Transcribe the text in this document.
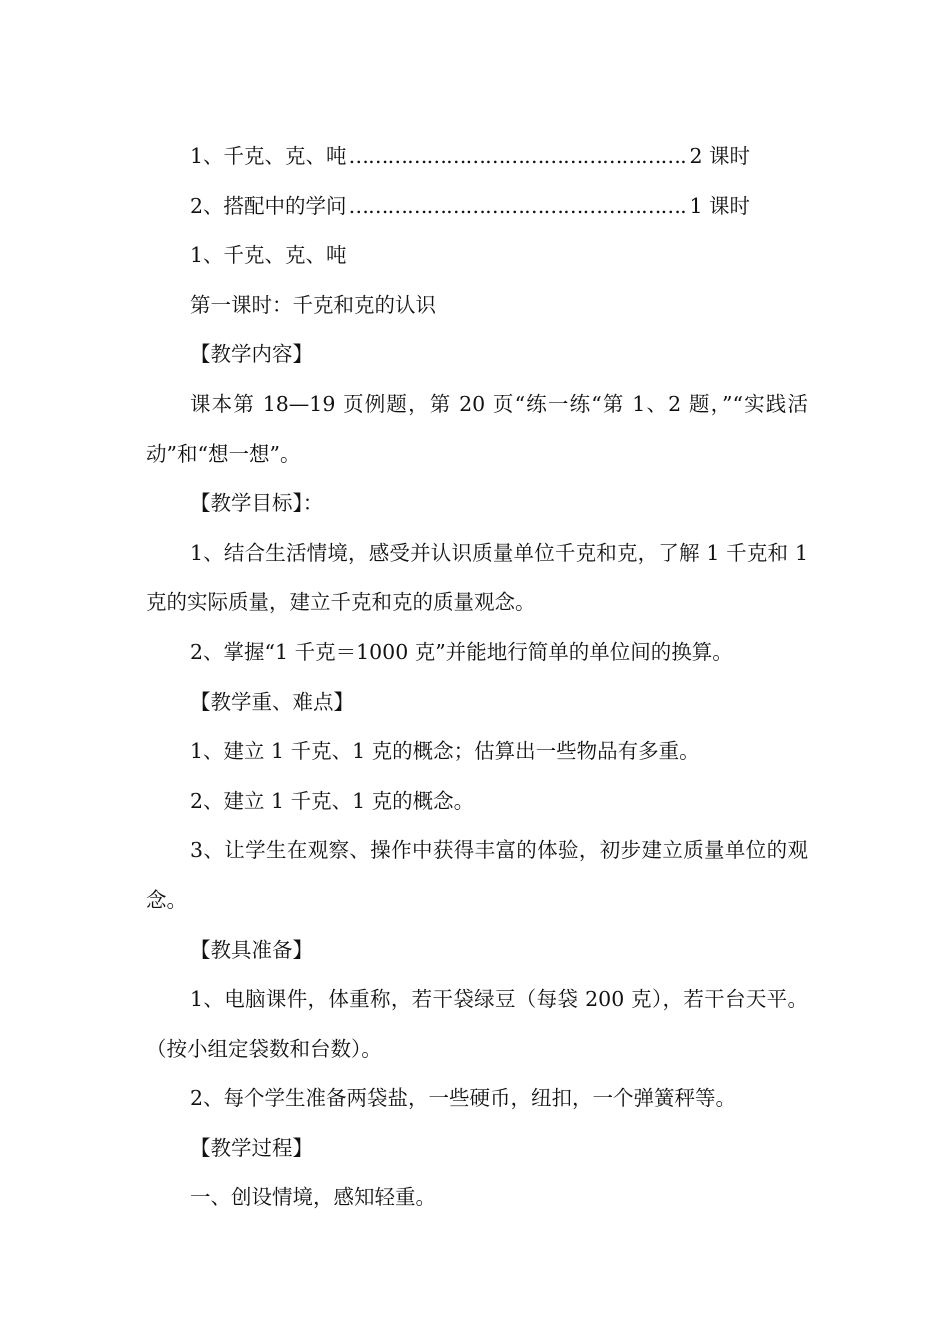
1、千克、克、吨 ……………………………………………………………………………………………………	2 课时
2、搭配中的学问 ……………………………………………………………………………………………………	1 课时

1、千克、克、吨

第一课时：千克和克的认识

【教学内容】

课本第 18—19 页例题，第 20 页“练一练“第 1、2 题，”“实践活动”和“想一想”。

【教学目标】：

1、结合生活情境，感受并认识质量单位千克和克，了解 1 千克和 1 克的实际质量，建立千克和克的质量观念。

2、掌握“1 千克＝1000 克”并能地行简单的单位间的换算。

【教学重、难点】

1、建立 1 千克、1 克的概念；估算出一些物品有多重。

2、建立 1 千克、1 克的概念。

3、让学生在观察、操作中获得丰富的体验，初步建立质量单位的观念。

【教具准备】

1、电脑课件，体重称，若干袋绿豆（每袋 200 克），若干台天平。（按小组定袋数和台数）。

2、每个学生准备两袋盐，一些硬币，纽扣，一个弹簧秤等。

【教学过程】

一、创设情境，感知轻重。
